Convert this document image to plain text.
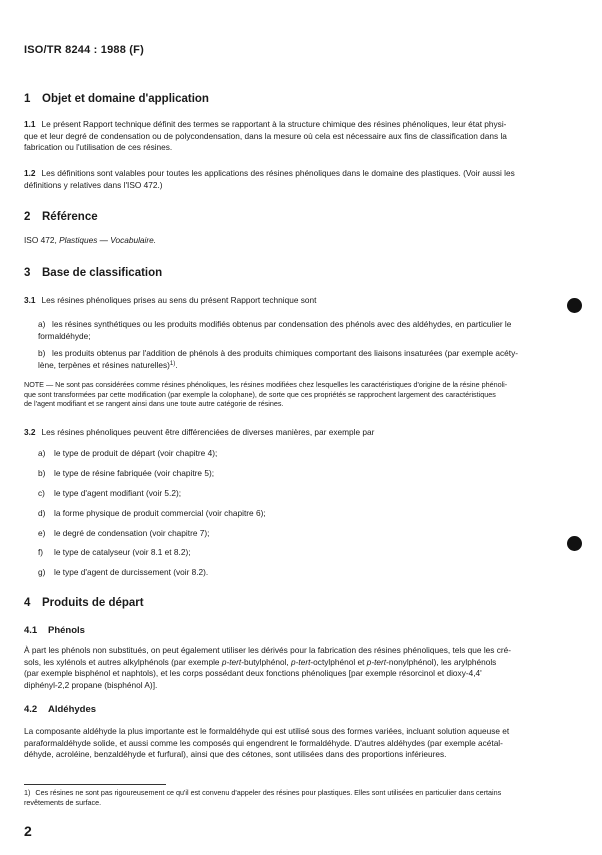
ISO/TR 8244 : 1988 (F)
1 Objet et domaine d'application
1.1 Le présent Rapport technique définit des termes se rapportant à la structure chimique des résines phénoliques, leur état physi-
que et leur degré de condensation ou de polycondensation, dans la mesure où cela est nécessaire aux fins de classification dans la
fabrication ou l'utilisation de ces résines.
1.2 Les définitions sont valables pour toutes les applications des résines phénoliques dans le domaine des plastiques. (Voir aussi les
définitions y relatives dans l'ISO 472.)
2 Référence
ISO 472, Plastiques — Vocabulaire.
3 Base de classification
3.1 Les résines phénoliques prises au sens du présent Rapport technique sont
a) les résines synthétiques ou les produits modifiés obtenus par condensation des phénols avec des aldéhydes, en particulier le
formaldéhyde;
b) les produits obtenus par l'addition de phénols à des produits chimiques comportant des liaisons insaturées (par exemple acéty-
lène, terpènes et résines naturelles)$^{1)}$.
NOTE — Ne sont pas considérées comme résines phénoliques, les résines modifiées chez lesquelles les caractéristiques d'origine de la résine phénoli-
que sont transformées par cette modification (par exemple la colophane), de sorte que ces propriétés se rapprochent largement des caractéristiques
de l'agent modifiant et se rangent ainsi dans une toute autre catégorie de résines.
3.2 Les résines phénoliques peuvent être différenciées de diverses manières, par exemple par
a) le type de produit de départ (voir chapitre 4);
b) le type de résine fabriquée (voir chapitre 5);
c) le type d'agent modifiant (voir 5.2);
d) la forme physique de produit commercial (voir chapitre 6);
e) le degré de condensation (voir chapitre 7);
f) le type de catalyseur (voir 8.1 et 8.2);
g) le type d'agent de durcissement (voir 8.2).
4 Produits de départ
4.1 Phénols
À part les phénols non substitués, on peut également utiliser les dérivés pour la fabrication des résines phénoliques, tels que les cré-
sols, les xylénols et autres alkylphénols (par exemple p-tert-butylphénol, p-tert-octylphénol et p-tert-nonylphénol), les arylphénols
(par exemple bisphénol et naphtols), et les corps possédant deux fonctions phénoliques [par exemple résorcinol et dioxy-4,4'
diphényl-2,2 propane (bisphénol A)].
4.2 Aldéhydes
La composante aldéhyde la plus importante est le formaldéhyde qui est utilisé sous des formes variées, incluant solution aqueuse et
paraformaldéhyde solide, et aussi comme les composés qui engendrent le formaldéhyde. D'autres aldéhydes (par exemple acétal-
déhyde, acroléine, benzaldéhyde et furfural), ainsi que des cétones, sont utilisées dans des proportions inférieures.
1) Ces résines ne sont pas rigoureusement ce qu'il est convenu d'appeler des résines pour plastiques. Elles sont utilisées en particulier dans certains
revêtements de surface.
2
